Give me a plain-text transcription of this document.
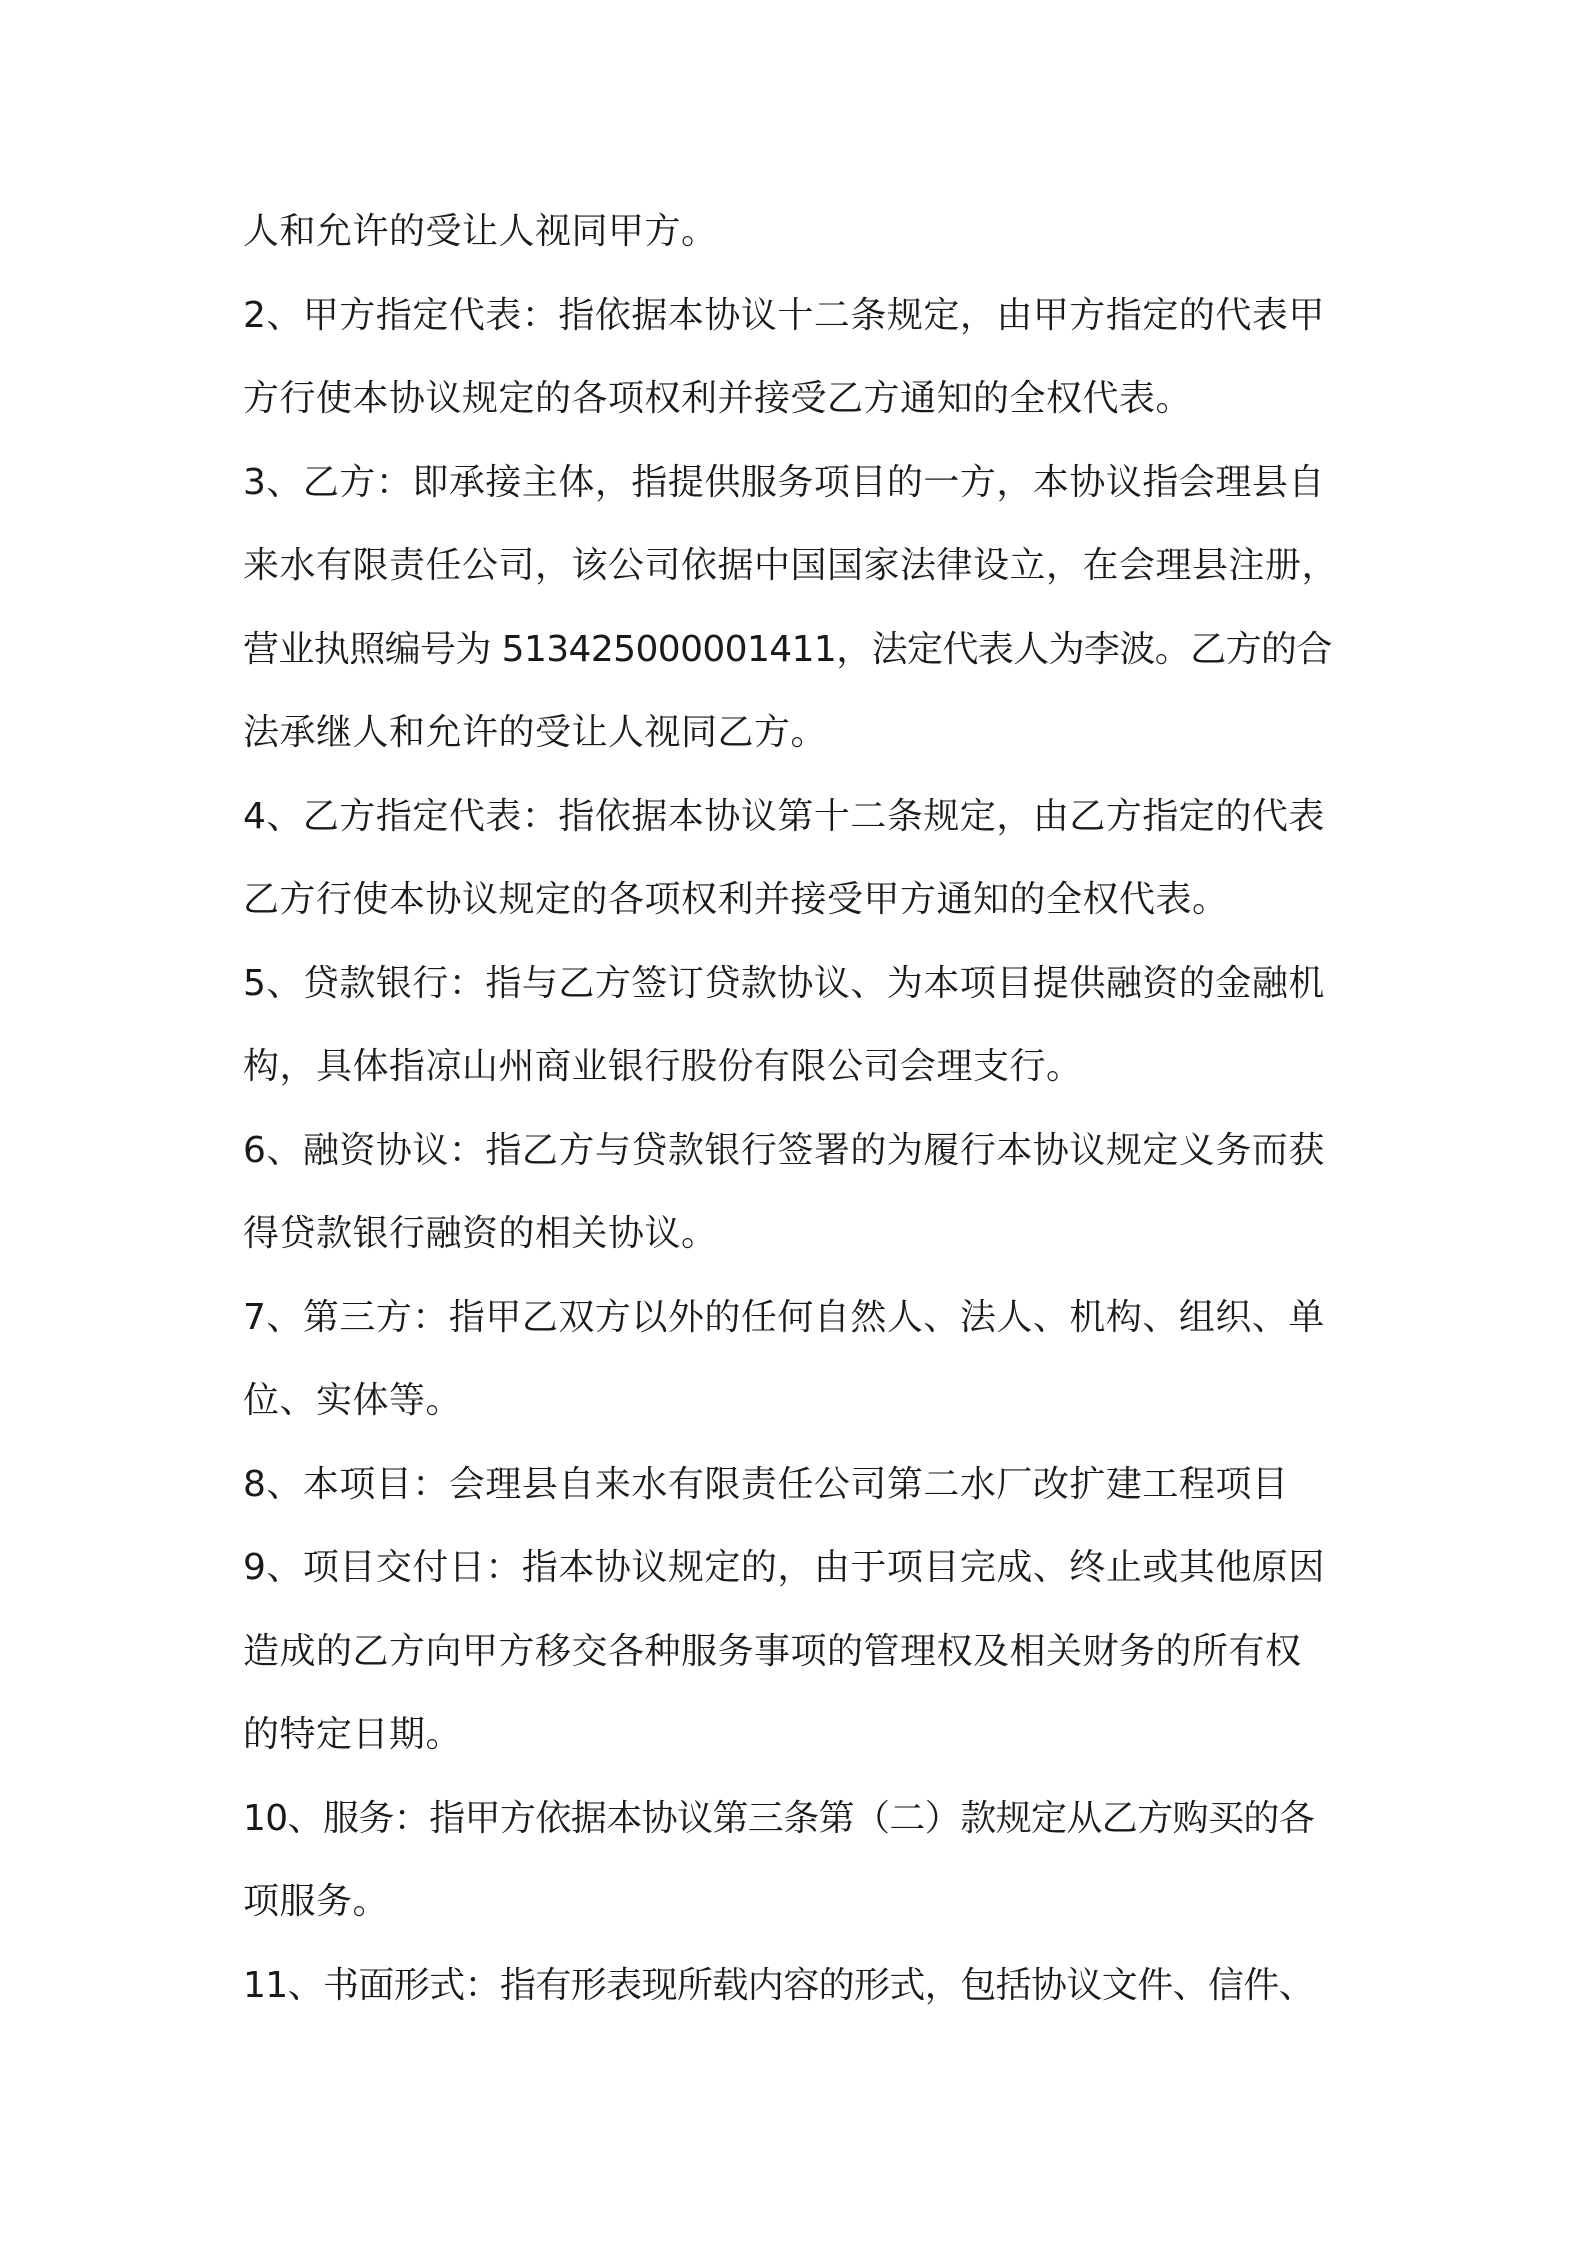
人和允许的受让人视同甲方。
2、甲方指定代表：指依据本协议十二条规定，由甲方指定的代表甲
方行使本协议规定的各项权利并接受乙方通知的全权代表。
3、乙方：即承接主体，指提供服务项目的一方，本协议指会理县自
来水有限责任公司，该公司依据中国国家法律设立，在会理县注册，
营业执照编号为 513425000001411，法定代表人为李波。乙方的合
法承继人和允许的受让人视同乙方。
4、乙方指定代表：指依据本协议第十二条规定，由乙方指定的代表
乙方行使本协议规定的各项权利并接受甲方通知的全权代表。
5、贷款银行：指与乙方签订贷款协议、为本项目提供融资的金融机
构，具体指凉山州商业银行股份有限公司会理支行。
6、融资协议：指乙方与贷款银行签署的为履行本协议规定义务而获
得贷款银行融资的相关协议。
7、第三方：指甲乙双方以外的任何自然人、法人、机构、组织、单
位、实体等。
8、本项目：会理县自来水有限责任公司第二水厂改扩建工程项目
9、项目交付日：指本协议规定的，由于项目完成、终止或其他原因
造成的乙方向甲方移交各种服务事项的管理权及相关财务的所有权
的特定日期。
10、服务：指甲方依据本协议第三条第（二）款规定从乙方购买的各
项服务。
11、书面形式：指有形表现所载内容的形式，包括协议文件、信件、
